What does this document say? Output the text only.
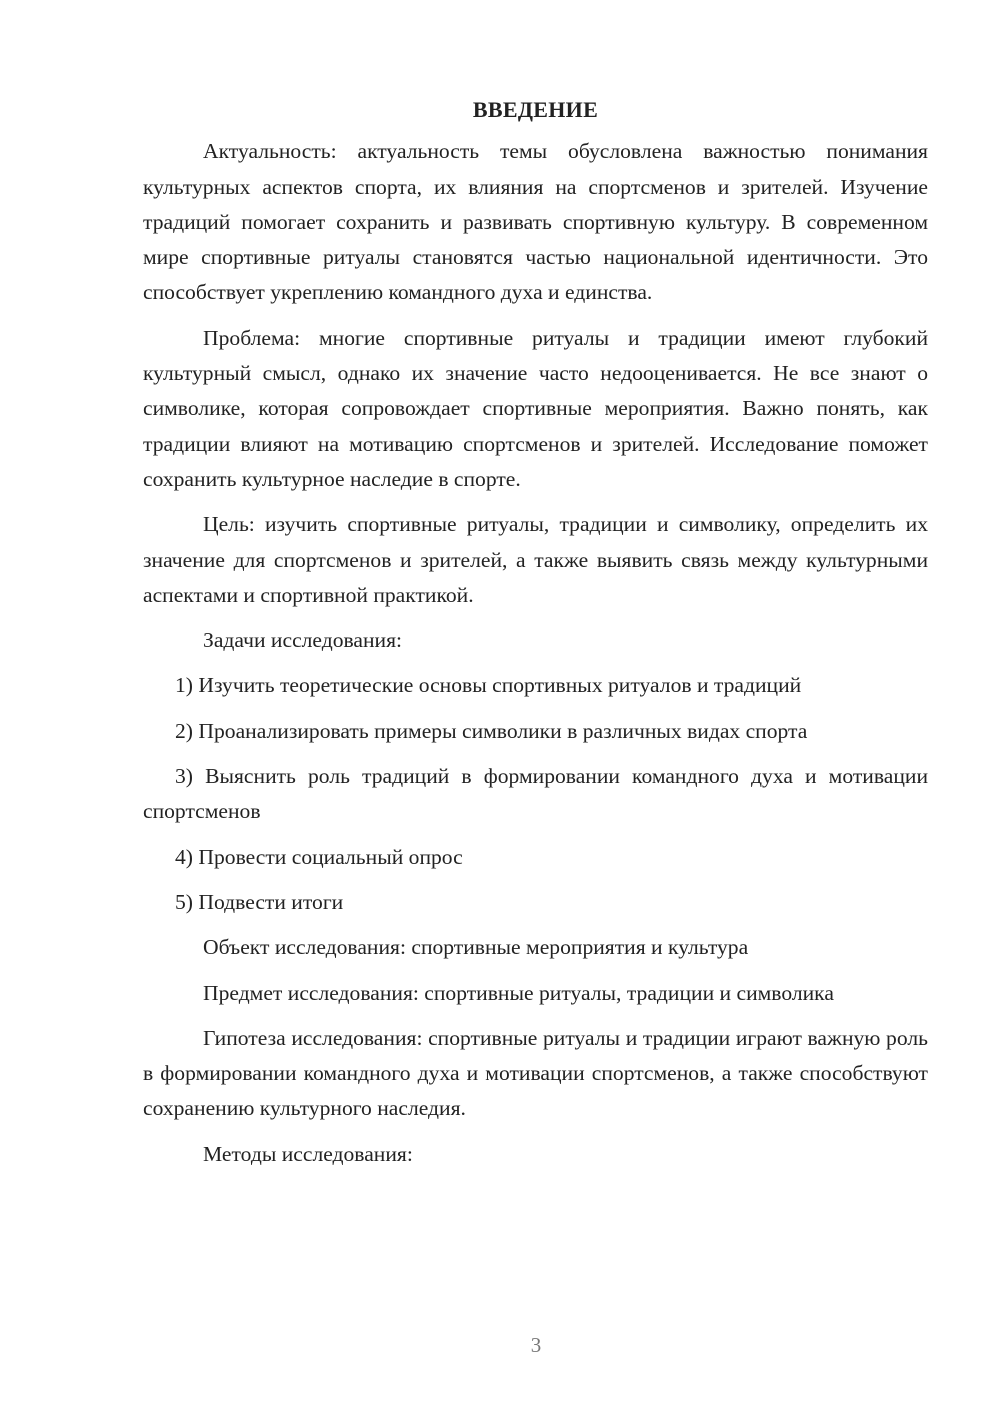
ВВЕДЕНИЕ

Актуальность: актуальность темы обусловлена важностью понимания культурных аспектов спорта, их влияния на спортсменов и зрителей. Изучение традиций помогает сохранить и развивать спортивную культуру. В современном мире спортивные ритуалы становятся частью национальной идентичности. Это способствует укреплению командного духа и единства.

Проблема: многие спортивные ритуалы и традиции имеют глубокий культурный смысл, однако их значение часто недооценивается. Не все знают о символике, которая сопровождает спортивные мероприятия. Важно понять, как традиции влияют на мотивацию спортсменов и зрителей. Исследование поможет сохранить культурное наследие в спорте.

Цель: изучить спортивные ритуалы, традиции и символику, определить их значение для спортсменов и зрителей, а также выявить связь между культурными аспектами и спортивной практикой.

Задачи исследования:

1) Изучить теоретические основы спортивных ритуалов и традиций

2) Проанализировать примеры символики в различных видах спорта

3) Выяснить роль традиций в формировании командного духа и мотивации спортсменов

4) Провести социальный опрос

5) Подвести итоги

Объект исследования: спортивные мероприятия и культура

Предмет исследования: спортивные ритуалы, традиции и символика

Гипотеза исследования: спортивные ритуалы и традиции играют важную роль в формировании командного духа и мотивации спортсменов, а также способствуют сохранению культурного наследия.

Методы исследования:

3
